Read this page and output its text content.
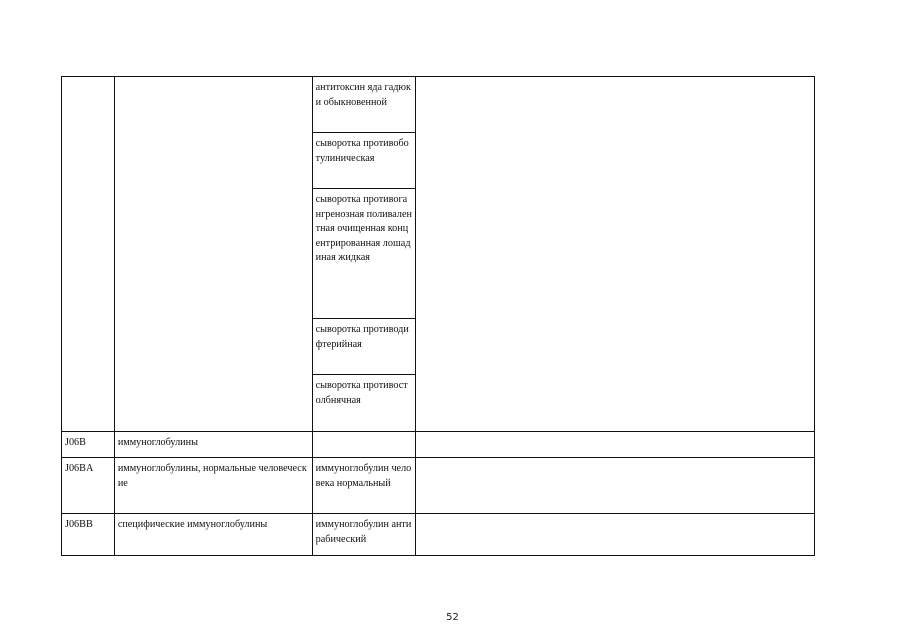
		антитоксин яда гадюки обыкновенной	
		сыворотка противоботулиническая	
		сыворотка противогангренозная поливалентная очищенная концентрированная лошадиная жидкая	
		сыворотка противодифтерийная	
		сыворотка противостолбнячная	
J06B	иммуноглобулины		
J06BA	иммуноглобулины, нормальные человеческие	иммуноглобулин человека нормальный	
J06BB	специфические иммуноглобулины	иммуноглобулин антирабический	
52
